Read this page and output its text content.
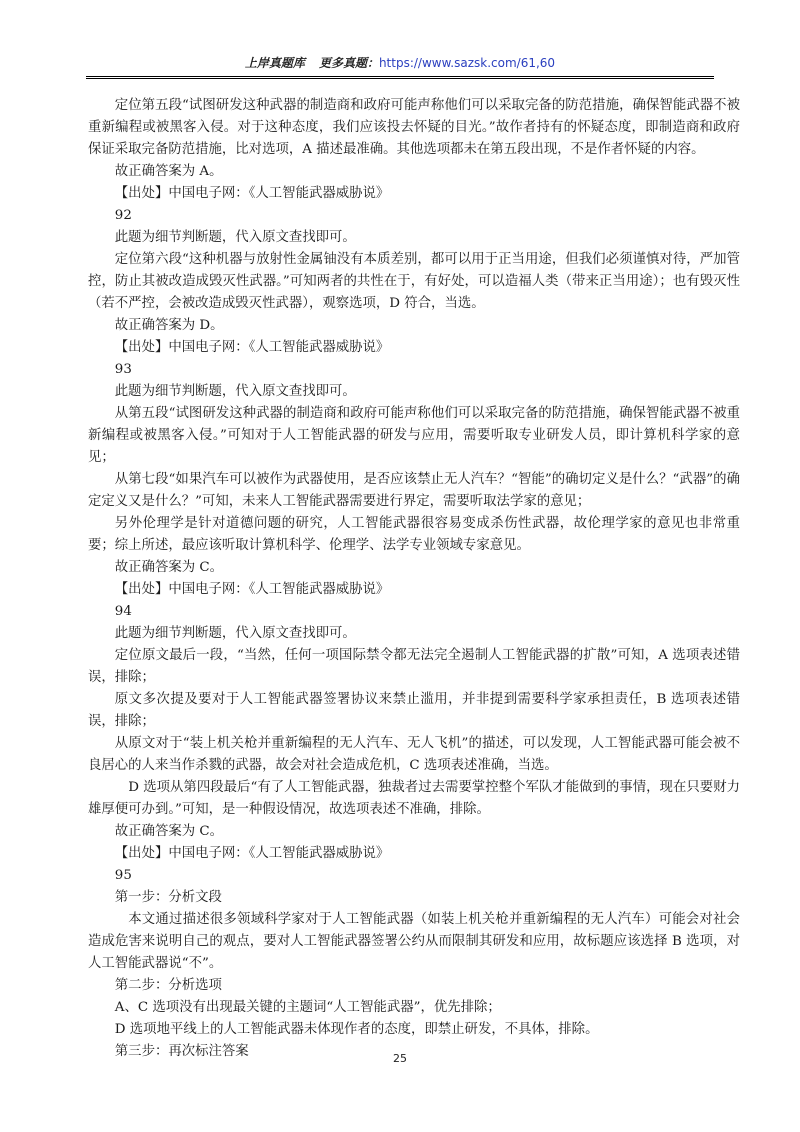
上岸真题库 更多真题：https://www.sazsk.com/61,60

定位第五段“试图研发这种武器的制造商和政府可能声称他们可以采取完备的防范措施，确保智能武器不被重新编程或被黑客入侵。对于这种态度，我们应该投去怀疑的目光。”故作者持有的怀疑态度，即制造商和政府保证采取完备防范措施，比对选项，A 描述最准确。其他选项都未在第五段出现，不是作者怀疑的内容。

故正确答案为 A。

【出处】中国电子网：《人工智能武器威胁说》

92

此题为细节判断题，代入原文查找即可。

定位第六段“这种机器与放射性金属铀没有本质差别，都可以用于正当用途，但我们必须谨慎对待，严加管控，防止其被改造成毁灭性武器。”可知两者的共性在于，有好处，可以造福人类（带来正当用途）；也有毁灭性（若不严控，会被改造成毁灭性武器），观察选项，D 符合，当选。

故正确答案为 D。

【出处】中国电子网：《人工智能武器威胁说》

93

此题为细节判断题，代入原文查找即可。

从第五段“试图研发这种武器的制造商和政府可能声称他们可以采取完备的防范措施，确保智能武器不被重新编程或被黑客入侵。”可知对于人工智能武器的研发与应用，需要听取专业研发人员，即计算机科学家的意见；

从第七段“如果汽车可以被作为武器使用，是否应该禁止无人汽车？“智能”的确切定义是什么？“武器”的确定定义又是什么？”可知，未来人工智能武器需要进行界定，需要听取法学家的意见；

另外伦理学是针对道德问题的研究，人工智能武器很容易变成杀伤性武器，故伦理学家的意见也非常重要；综上所述，最应该听取计算机科学、伦理学、法学专业领域专家意见。

故正确答案为 C。

【出处】中国电子网：《人工智能武器威胁说》

94

此题为细节判断题，代入原文查找即可。

定位原文最后一段，“当然，任何一项国际禁令都无法完全遏制人工智能武器的扩散”可知，A 选项表述错误，排除；

原文多次提及要对于人工智能武器签署协议来禁止滥用，并非提到需要科学家承担责任，B 选项表述错误，排除；

从原文对于“装上机关枪并重新编程的无人汽车、无人飞机”的描述，可以发现，人工智能武器可能会被不良居心的人来当作杀戮的武器，故会对社会造成危机，C 选项表述准确，当选。

D 选项从第四段最后“有了人工智能武器，独裁者过去需要掌控整个军队才能做到的事情，现在只要财力雄厚便可办到。”可知，是一种假设情况，故选项表述不准确，排除。

故正确答案为 C。

【出处】中国电子网：《人工智能武器威胁说》

95

第一步：分析文段

本文通过描述很多领域科学家对于人工智能武器（如装上机关枪并重新编程的无人汽车）可能会对社会造成危害来说明自己的观点，要对人工智能武器签署公约从而限制其研发和应用，故标题应该选择 B 选项，对人工智能武器说“不”。

第二步：分析选项

A、C 选项没有出现最关键的主题词“人工智能武器”，优先排除；

D 选项地平线上的人工智能武器未体现作者的态度，即禁止研发，不具体，排除。

第三步：再次标注答案	25
